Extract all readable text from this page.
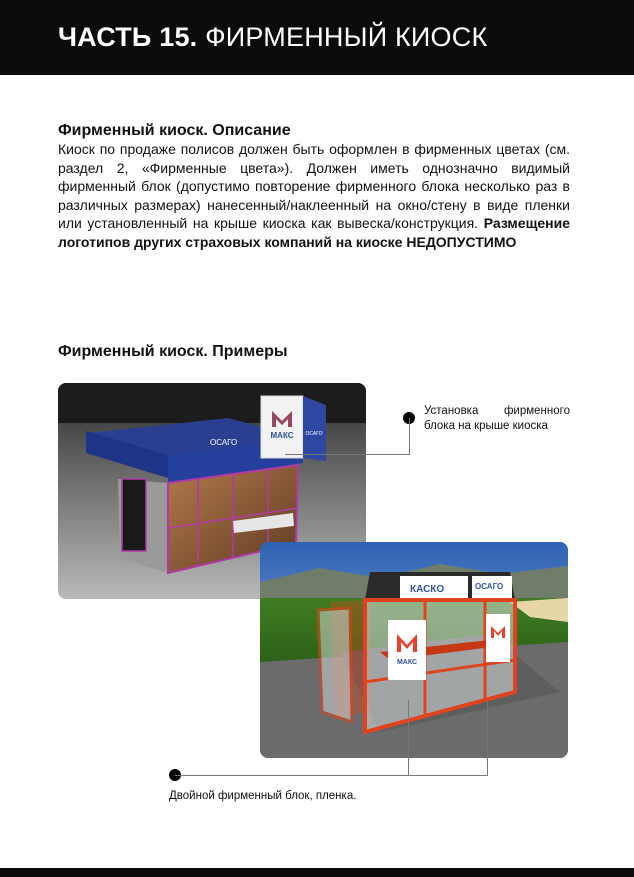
ЧАСТЬ 15. ФИРМЕННЫЙ КИОСК
Фирменный киоск. Описание
Киоск по продаже полисов должен быть оформлен в фирменных цветах (см. раздел 2, «Фирменные цвета»). Должен иметь однозначно видимый фирменный блок (допустимо повторение фирменного блока несколько раз в различных размерах) нанесенный/наклеенный на окно/стену в виде пленки или установленный на крыше киоска как вывеска/конструкция. Размещение логотипов других страховых компаний на киоске НЕДОПУСТИМО
Фирменный киоск. Примеры
МАКС
ОСАГО
ОСАГО
КАСКО	ОСАГО
МАКС
Установка фирменного блока на крыше киоска
Двойной фирменный блок, пленка.
